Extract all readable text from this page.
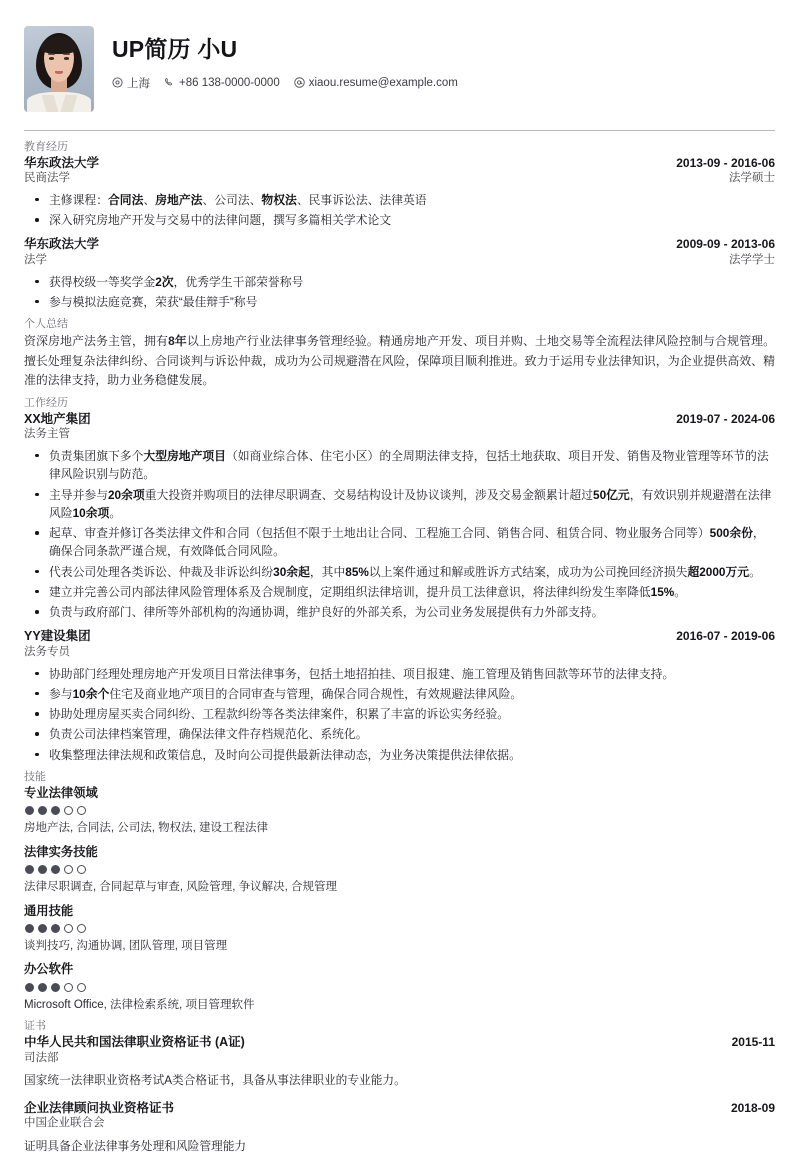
UP简历 小U
上海	+86 138-0000-0000	xiaou.resume@example.com
教育经历
华东政法大学	2013-09 - 2016-06
民商法学	法学硕士
主修课程：合同法、房地产法、公司法、物权法、民事诉讼法、法律英语
深入研究房地产开发与交易中的法律问题，撰写多篇相关学术论文
华东政法大学	2009-09 - 2013-06
法学	法学学士
获得校级一等奖学金2次，优秀学生干部荣誉称号
参与模拟法庭竞赛，荣获“最佳辩手”称号
个人总结
资深房地产法务主管，拥有8年以上房地产行业法律事务管理经验。精通房地产开发、项目并购、土地交易等全流程法律风险控制与合规管理。擅长处理复杂法律纠纷、合同谈判与诉讼仲裁，成功为公司规避潜在风险，保障项目顺利推进。致力于运用专业法律知识，为企业提供高效、精准的法律支持，助力业务稳健发展。
工作经历
XX地产集团	2019-07 - 2024-06
法务主管
负责集团旗下多个大型房地产项目（如商业综合体、住宅小区）的全周期法律支持，包括土地获取、项目开发、销售及物业管理等环节的法律风险识别与防范。
主导并参与20余项重大投资并购项目的法律尽职调查、交易结构设计及协议谈判，涉及交易金额累计超过50亿元，有效识别并规避潜在法律风险10余项。
起草、审查并修订各类法律文件和合同（包括但不限于土地出让合同、工程施工合同、销售合同、租赁合同、物业服务合同等）500余份，确保合同条款严谨合规，有效降低合同风险。
代表公司处理各类诉讼、仲裁及非诉讼纠纷30余起，其中85%以上案件通过和解或胜诉方式结案，成功为公司挽回经济损失超2000万元。
建立并完善公司内部法律风险管理体系及合规制度，定期组织法律培训，提升员工法律意识，将法律纠纷发生率降低15%。
负责与政府部门、律所等外部机构的沟通协调，维护良好的外部关系，为公司业务发展提供有力外部支持。
YY建设集团	2016-07 - 2019-06
法务专员
协助部门经理处理房地产开发项目日常法律事务，包括土地招拍挂、项目报建、施工管理及销售回款等环节的法律支持。
参与10余个住宅及商业地产项目的合同审查与管理，确保合同合规性，有效规避法律风险。
协助处理房屋买卖合同纠纷、工程款纠纷等各类法律案件，积累了丰富的诉讼实务经验。
负责公司法律档案管理，确保法律文件存档规范化、系统化。
收集整理法律法规和政策信息，及时向公司提供最新法律动态，为业务决策提供法律依据。
技能
专业法律领域
房地产法, 合同法, 公司法, 物权法, 建设工程法律
法律实务技能
法律尽职调查, 合同起草与审查, 风险管理, 争议解决, 合规管理
通用技能
谈判技巧, 沟通协调, 团队管理, 项目管理
办公软件
Microsoft Office, 法律检索系统, 项目管理软件
证书
中华人民共和国法律职业资格证书 (A证)	2015-11
司法部
国家统一法律职业资格考试A类合格证书，具备从事法律职业的专业能力。
企业法律顾问执业资格证书	2018-09
中国企业联合会
证明具备企业法律事务处理和风险管理能力
